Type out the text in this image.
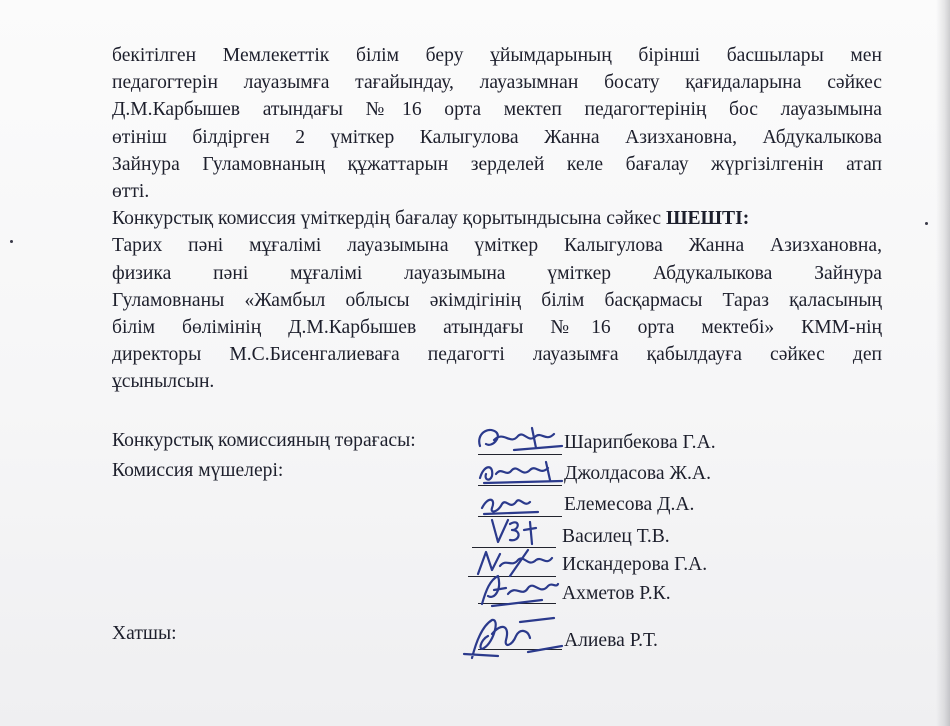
бекітілген Мемлекеттік білім беру ұйымдарының бірінші басшылары мен
педагогтерін лауазымға тағайындау, лауазымнан босату қағидаларына сәйкес
Д.М.Карбышев атындағы №16 орта мектеп педагогтерінің бос лауазымына
өтініш білдірген 2 үміткер Калыгулова Жанна Азизхановна, Абдукалыкова
Зайнура Гуламовнаның құжаттарын зерделей келе бағалау жүргізілгенін атап
өтті.
Конкурстық комиссия үміткердің бағалау қорытындысына сәйкес ШЕШТІ:
Тарих пәні мұғалімі лауазымына үміткер Калыгулова Жанна Азизхановна,
физика пәні мұғалімі лауазымына үміткер Абдукалыкова Зайнура
Гуламовнаны «Жамбыл облысы әкімдігінің білім басқармасы Тараз қаласының
білім бөлімінің Д.М.Карбышев атындағы №16 орта мектебі» КММ-нің
директоры М.С.Бисенгалиеваға педагогті лауазымға қабылдауға сәйкес деп
ұсынылсын.
Конкурстық комиссияның төрағасы:
Комиссия мүшелері:
Хатшы:
Шарипбекова Г.А.
Джолдасова Ж.А.
Елемесова Д.А.
Василец Т.В.
Искандерова Г.А.
Ахметов Р.К.
Алиева Р.Т.
